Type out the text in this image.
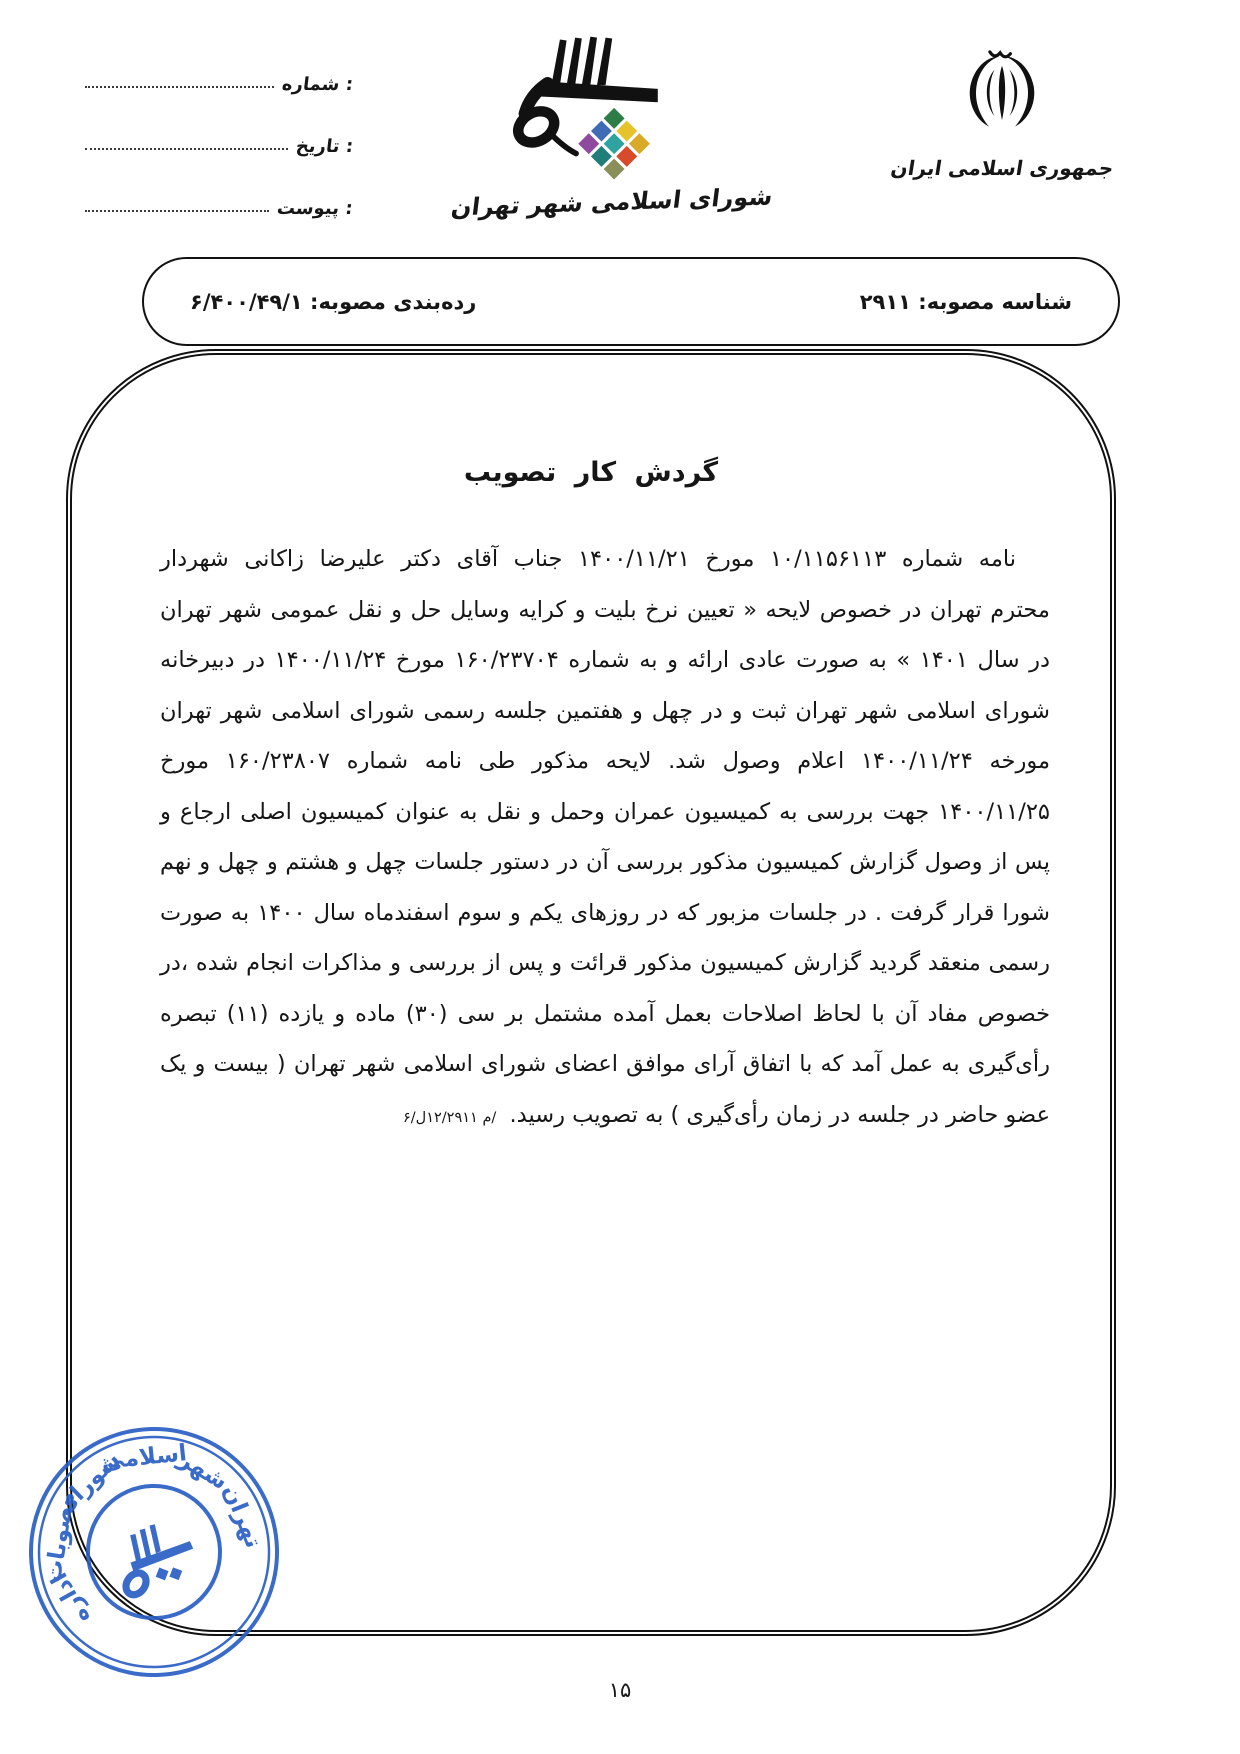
شماره :
تاریخ :
پیوست :	شورای اسلامی شهر تهران
جمهوری اسلامی ایران
شناسه مصوبه: ۲۹۱۱
رده‌بندی مصوبه: ۶/۴۰۰/۴۹/۱
گردش کار تصویب
نامه شماره ۱۰/۱۱۵۶۱۱۳ مورخ ۱۴۰۰/۱۱/۲۱ جناب آقای دکتر علیرضا زاکانی شهردار
محترم تهران در خصوص لایحه « تعیین نرخ بلیت و کرایه وسایل حل و نقل عمومی شهر تهران
در سال ۱۴۰۱ » به صورت عادی ارائه و به شماره ۱۶۰/۲۳۷۰۴ مورخ ۱۴۰۰/۱۱/۲۴ در دبیرخانه
شورای اسلامی شهر تهران ثبت و در چهل و هفتمین جلسه رسمی شورای اسلامی شهر تهران
مورخه ۱۴۰۰/۱۱/۲۴ اعلام وصول شد. لایحه مذکور طی نامه شماره ۱۶۰/۲۳۸۰۷ مورخ
۱۴۰۰/۱۱/۲۵ جهت بررسی به کمیسیون عمران وحمل و نقل به عنوان کمیسیون اصلی ارجاع و
پس از وصول گزارش کمیسیون مذکور بررسی آن در دستور جلسات چهل و هشتم و چهل و نهم
شورا قرار گرفت . در جلسات مزبور که در روزهای یکم و سوم اسفندماه سال ۱۴۰۰ به صورت
رسمی منعقد گردید گزارش کمیسیون مذکور قرائت و پس از بررسی و مذاکرات انجام شده ،در
خصوص مفاد آن با لحاظ اصلاحات بعمل آمده مشتمل بر سی (۳۰) ماده و یازده (۱۱) تبصره
رأی‌گیری به عمل آمد که با اتفاق آرای موافق اعضای شورای اسلامی شهر تهران ( بیست و یک
عضو حاضر در جلسه در زمان رأی‌گیری ) به تصویب رسید. /م ۱۲/۲۹۱۱ل/۶
اداره
مصوبات
شورای
اسلامی
شهر
تهران
۱۵
